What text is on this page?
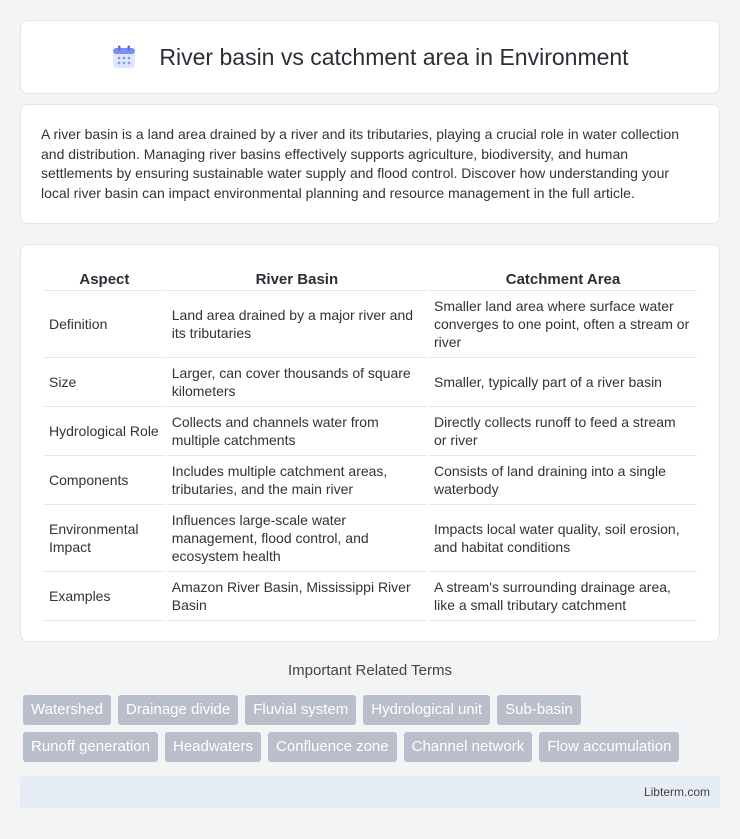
River basin vs catchment area in Environment

A river basin is a land area drained by a river and its tributaries, playing a crucial role in water collection and distribution. Managing river basins effectively supports agriculture, biodiversity, and human settlements by ensuring sustainable water supply and flood control. Discover how understanding your local river basin can impact environmental planning and resource management in the full article.

Aspect	River Basin	Catchment Area
Definition	Land area drained by a major river and its tributaries	Smaller land area where surface water converges to one point, often a stream or river
Size	Larger, can cover thousands of square kilometers	Smaller, typically part of a river basin
Hydrological Role	Collects and channels water from multiple catchments	Directly collects runoff to feed a stream or river
Components	Includes multiple catchment areas, tributaries, and the main river	Consists of land draining into a single waterbody
Environmental Impact	Influences large-scale water management, flood control, and ecosystem health	Impacts local water quality, soil erosion, and habitat conditions
Examples	Amazon River Basin, Mississippi River Basin	A stream's surrounding drainage area, like a small tributary catchment
Important Related Terms
Watershed	Drainage divide	Fluvial system	Hydrological unit	Sub-basin
Runoff generation	Headwaters	Confluence zone	Channel network	Flow accumulation
Libterm.com
